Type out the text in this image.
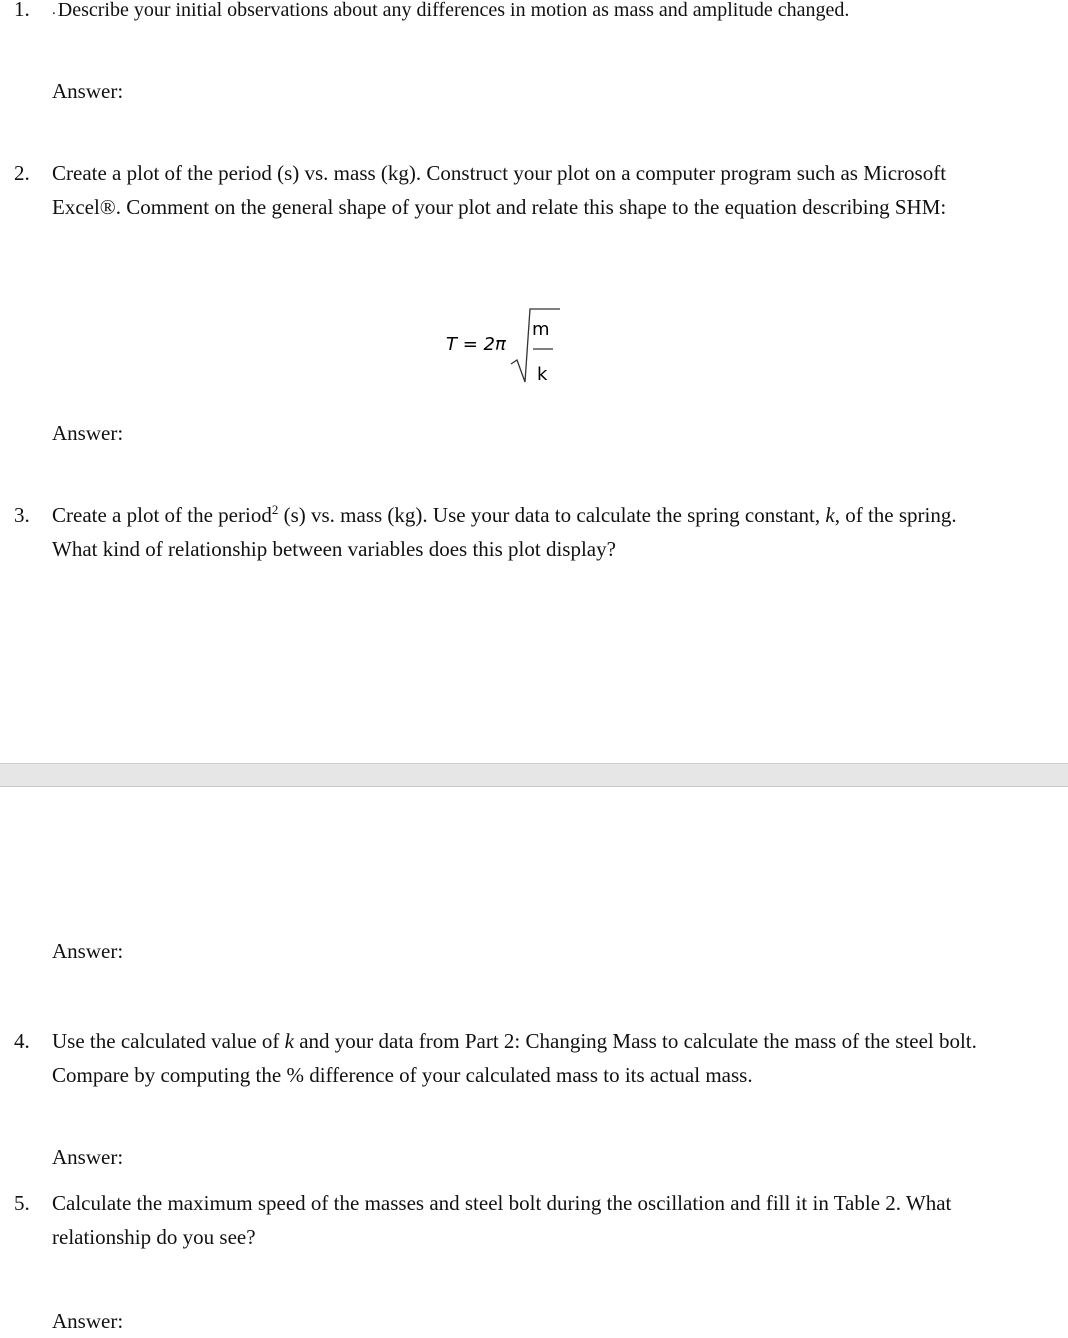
1. . Describe your initial observations about any differences in motion as mass and amplitude changed.
Answer:
2. Create a plot of the period (s) vs. mass (kg). Construct your plot on a computer program such as Microsoft Excel®. Comment on the general shape of your plot and relate this shape to the equation describing SHM:
T = 2π
m
k
Answer:
3. Create a plot of the period$^2$ (s) vs. mass (kg). Use your data to calculate the spring constant, k, of the spring. What kind of relationship between variables does this plot display?
Answer:
4. Use the calculated value of k and your data from Part 2: Changing Mass to calculate the mass of the steel bolt. Compare by computing the % difference of your calculated mass to its actual mass.
Answer:
5. Calculate the maximum speed of the masses and steel bolt during the oscillation and fill it in Table 2. What relationship do you see?
Answer:
